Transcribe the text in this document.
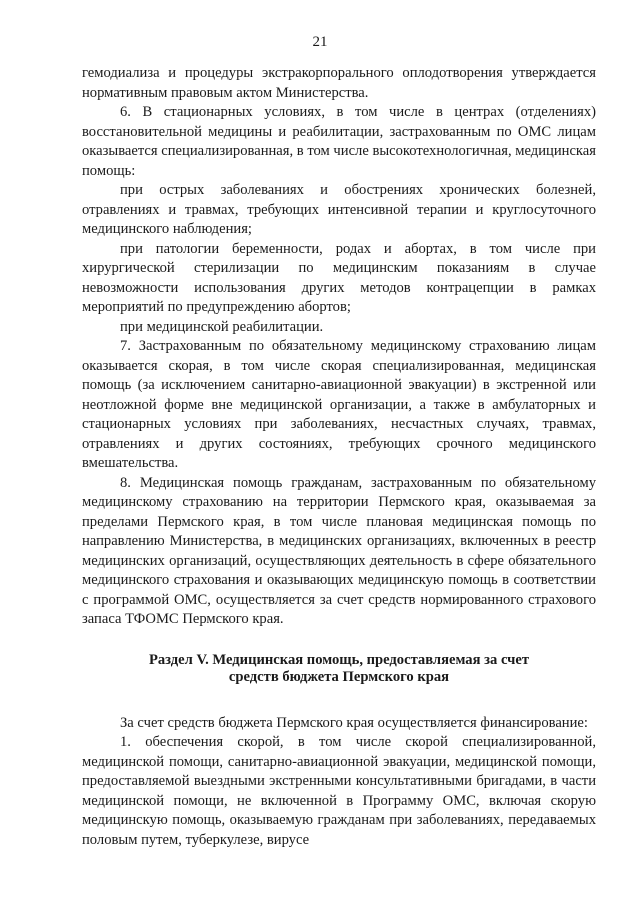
21

гемодиализа и процедуры экстракорпорального оплодотворения утверждается нормативным правовым актом Министерства.

6. В стационарных условиях, в том числе в центрах (отделениях) восстановительной медицины и реабилитации, застрахованным по ОМС лицам оказывается специализированная, в том числе высокотехнологичная, медицинская помощь:

при острых заболеваниях и обострениях хронических болезней, отравлениях и травмах, требующих интенсивной терапии и круглосуточного медицинского наблюдения;

при патологии беременности, родах и абортах, в том числе при хирургической стерилизации по медицинским показаниям в случае невозможности использования других методов контрацепции в рамках мероприятий по предупреждению абортов;

при медицинской реабилитации.

7. Застрахованным по обязательному медицинскому страхованию лицам оказывается скорая, в том числе скорая специализированная, медицинская помощь (за исключением санитарно-авиационной эвакуации) в экстренной или неотложной форме вне медицинской организации, а также в амбулаторных и стационарных условиях при заболеваниях, несчастных случаях, травмах, отравлениях и других состояниях, требующих срочного медицинского вмешательства.

8. Медицинская помощь гражданам, застрахованным по обязательному медицинскому страхованию на территории Пермского края, оказываемая за пределами Пермского края, в том числе плановая медицинская помощь по направлению Министерства, в медицинских организациях, включенных в реестр медицинских организаций, осуществляющих деятельность в сфере обязательного медицинского страхования и оказывающих медицинскую помощь в соответствии с программой ОМС, осуществляется за счет средств нормированного страхового запаса ТФОМС Пермского края.

Раздел V. Медицинская помощь, предоставляемая за счет
средств бюджета Пермского края

За счет средств бюджета Пермского края осуществляется финансирование:

1. обеспечения скорой, в том числе скорой специализированной, медицинской помощи, санитарно-авиационной эвакуации, медицинской помощи, предоставляемой выездными экстренными консультативными бригадами, в части медицинской помощи, не включенной в Программу ОМС, включая скорую медицинскую помощь, оказываемую гражданам при заболеваниях, передаваемых половым путем, туберкулезе, вирусе
